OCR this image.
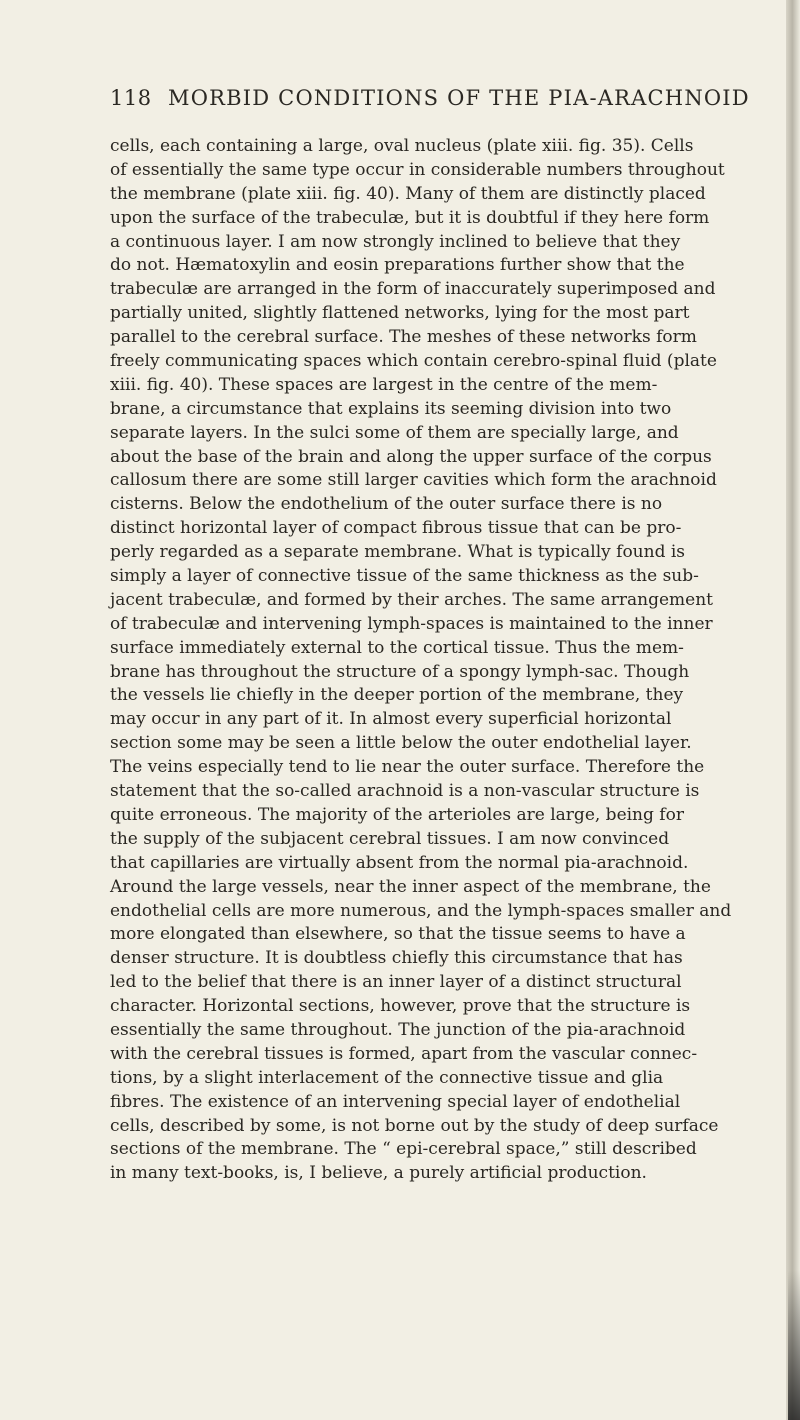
118 MORBID CONDITIONS OF THE PIA-ARACHNOID
cells, each containing a large, oval nucleus (plate xiii. fig. 35). Cells
of essentially the same type occur in considerable numbers throughout
the membrane (plate xiii. fig. 40). Many of them are distinctly placed
upon the surface of the trabeculæ, but it is doubtful if they here form
a continuous layer. I am now strongly inclined to believe that they
do not. Hæmatoxylin and eosin preparations further show that the
trabeculæ are arranged in the form of inaccurately superimposed and
partially united, slightly flattened networks, lying for the most part
parallel to the cerebral surface. The meshes of these networks form
freely communicating spaces which contain cerebro-spinal fluid (plate
xiii. fig. 40). These spaces are largest in the centre of the mem-
brane, a circumstance that explains its seeming division into two
separate layers. In the sulci some of them are specially large, and
about the base of the brain and along the upper surface of the corpus
callosum there are some still larger cavities which form the arachnoid
cisterns. Below the endothelium of the outer surface there is no
distinct horizontal layer of compact fibrous tissue that can be pro-
perly regarded as a separate membrane. What is typically found is
simply a layer of connective tissue of the same thickness as the sub-
jacent trabeculæ, and formed by their arches. The same arrangement
of trabeculæ and intervening lymph-spaces is maintained to the inner
surface immediately external to the cortical tissue. Thus the mem-
brane has throughout the structure of a spongy lymph-sac. Though
the vessels lie chiefly in the deeper portion of the membrane, they
may occur in any part of it. In almost every superficial horizontal
section some may be seen a little below the outer endothelial layer.
The veins especially tend to lie near the outer surface. Therefore the
statement that the so-called arachnoid is a non-vascular structure is
quite erroneous. The majority of the arterioles are large, being for
the supply of the subjacent cerebral tissues. I am now convinced
that capillaries are virtually absent from the normal pia-arachnoid.
Around the large vessels, near the inner aspect of the membrane, the
endothelial cells are more numerous, and the lymph-spaces smaller and
more elongated than elsewhere, so that the tissue seems to have a
denser structure. It is doubtless chiefly this circumstance that has
led to the belief that there is an inner layer of a distinct structural
character. Horizontal sections, however, prove that the structure is
essentially the same throughout. The junction of the pia-arachnoid
with the cerebral tissues is formed, apart from the vascular connec-
tions, by a slight interlacement of the connective tissue and glia
fibres. The existence of an intervening special layer of endothelial
cells, described by some, is not borne out by the study of deep surface
sections of the membrane. The “ epi-cerebral space,” still described
in many text-books, is, I believe, a purely artificial production.
